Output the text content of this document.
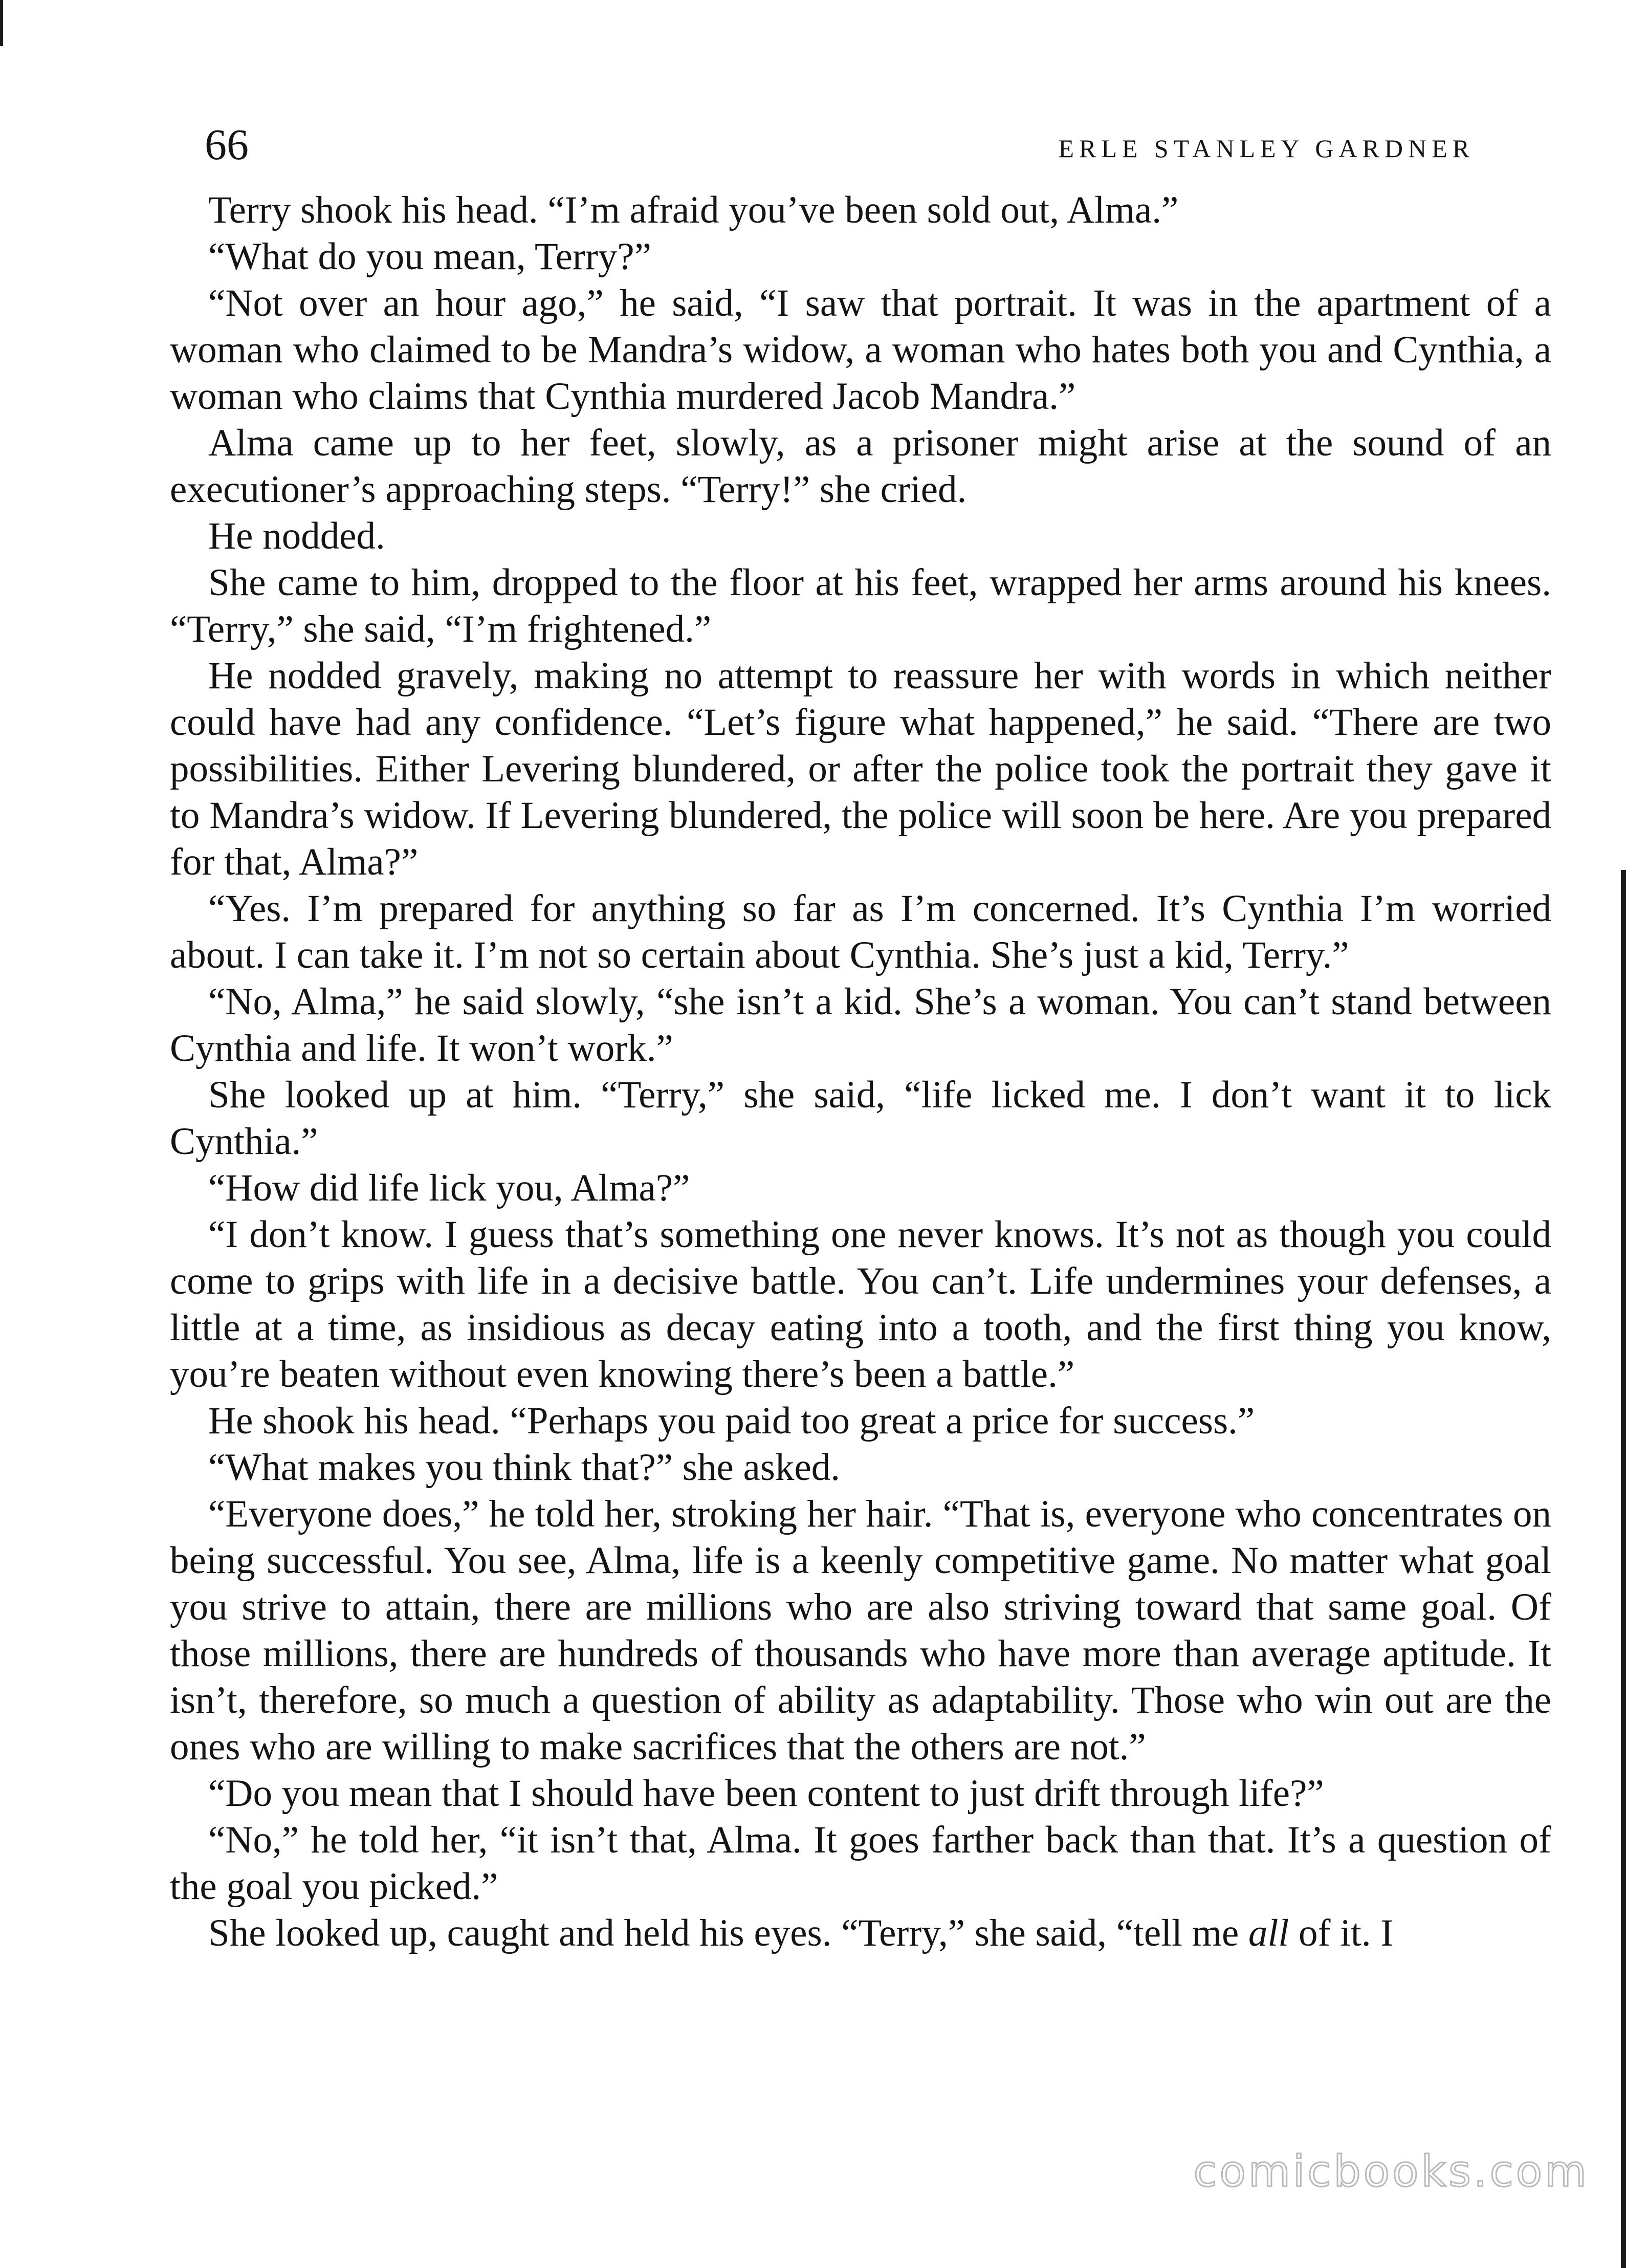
66	ERLE STANLEY GARDNER

Terry shook his head. “I’m afraid you’ve been sold out, Alma.”

“What do you mean, Terry?”

“Not over an hour ago,” he said, “I saw that portrait. It was in the apartment of a woman who claimed to be Mandra’s widow, a woman who hates both you and Cynthia, a woman who claims that Cynthia murdered Jacob Mandra.”

Alma came up to her feet, slowly, as a prisoner might arise at the sound of an executioner’s approaching steps. “Terry!” she cried.

He nodded.

She came to him, dropped to the floor at his feet, wrapped her arms around his knees. “Terry,” she said, “I’m frightened.”

He nodded gravely, making no attempt to reassure her with words in which neither could have had any confidence. “Let’s figure what happened,” he said. “There are two possibilities. Either Levering blundered, or after the police took the portrait they gave it to Mandra’s widow. If Levering blundered, the police will soon be here. Are you prepared for that, Alma?”

“Yes. I’m prepared for anything so far as I’m concerned. It’s Cynthia I’m worried about. I can take it. I’m not so certain about Cynthia. She’s just a kid, Terry.”

“No, Alma,” he said slowly, “she isn’t a kid. She’s a woman. You can’t stand between Cynthia and life. It won’t work.”

She looked up at him. “Terry,” she said, “life licked me. I don’t want it to lick Cynthia.”

“How did life lick you, Alma?”

“I don’t know. I guess that’s something one never knows. It’s not as though you could come to grips with life in a decisive battle. You can’t. Life undermines your defenses, a little at a time, as insidious as decay eating into a tooth, and the first thing you know, you’re beaten without even knowing there’s been a battle.”

He shook his head. “Perhaps you paid too great a price for success.”

“What makes you think that?” she asked.

“Everyone does,” he told her, stroking her hair. “That is, everyone who concentrates on being successful. You see, Alma, life is a keenly competitive game. No matter what goal you strive to attain, there are millions who are also striving toward that same goal. Of those millions, there are hundreds of thousands who have more than average aptitude. It isn’t, therefore, so much a question of ability as adaptability. Those who win out are the ones who are willing to make sacrifices that the others are not.”

“Do you mean that I should have been content to just drift through life?”

“No,” he told her, “it isn’t that, Alma. It goes farther back than that. It’s a question of the goal you picked.”

She looked up, caught and held his eyes. “Terry,” she said, “tell me all of it. I

comicbooks.com
